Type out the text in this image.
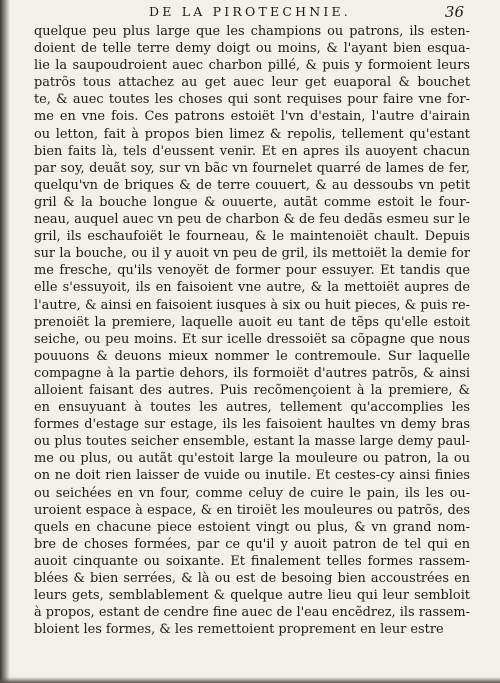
DE LA PIROTECHNIE.	36
quelque peu plus large que les champions ou patrons, ils esten-
doient de telle terre demy doigt ou moins, & l'ayant bien esqua-
lie la saupoudroient auec charbon pillé, & puis y formoient leurs
patrõs tous attachez au get auec leur get euaporal & bouchet
te, & auec toutes les choses qui sont requises pour faire vne for-
me en vne fois. Ces patrons estoiët l'vn d'estain, l'autre d'airain
ou letton, fait à propos bien limez & repolis, tellement qu'estant
bien faits là, tels d'eussent venir. Et en apres ils auoyent chacun
par soy, deuãt soy, sur vn bãc vn fournelet quarré de lames de fer,
quelqu'vn de briques & de terre couuert, & au dessoubs vn petit
gril & la bouche longue & ouuerte, autãt comme estoit le four-
neau, auquel auec vn peu de charbon & de feu dedãs esmeu sur le
gril, ils eschaufoiët le fourneau, & le maintenoiët chault. Depuis
sur la bouche, ou il y auoit vn peu de gril, ils mettoiët la demie for
me fresche, qu'ils venoyët de former pour essuyer. Et tandis que
elle s'essuyoit, ils en faisoient vne autre, & la mettoiët aupres de
l'autre, & ainsi en faisoient iusques à six ou huit pieces, & puis re-
prenoiët la premiere, laquelle auoit eu tant de tẽps qu'elle estoit
seiche, ou peu moins. Et sur icelle dressoiët sa cõpagne que nous
pouuons & deuons mieux nommer le contremoule. Sur laquelle
compagne à la partie dehors, ils formoiët d'autres patrõs, & ainsi
alloient faisant des autres. Puis recõmençoient à la premiere, &
en ensuyuant à toutes les autres, tellement qu'accomplies les
formes d'estage sur estage, ils les faisoient haultes vn demy bras
ou plus toutes seicher ensemble, estant la masse large demy paul-
me ou plus, ou autãt qu'estoit large la mouleure ou patron, la ou
on ne doit rien laisser de vuide ou inutile. Et cestes-cy ainsi finies
ou seichées en vn four, comme celuy de cuire le pain, ils les ou-
uroient espace à espace, & en tiroiët les mouleures ou patrõs, des
quels en chacune piece estoient vingt ou plus, & vn grand nom-
bre de choses formées, par ce qu'il y auoit patron de tel qui en
auoit cinquante ou soixante. Et finalement telles formes rassem-
blées & bien serrées, & là ou est de besoing bien accoustrées en
leurs gets, semblablement & quelque autre lieu qui leur sembloit
à propos, estant de cendre fine auec de l'eau encẽdrez, ils rassem-
bloient les formes, & les remettoient proprement en leur estre
